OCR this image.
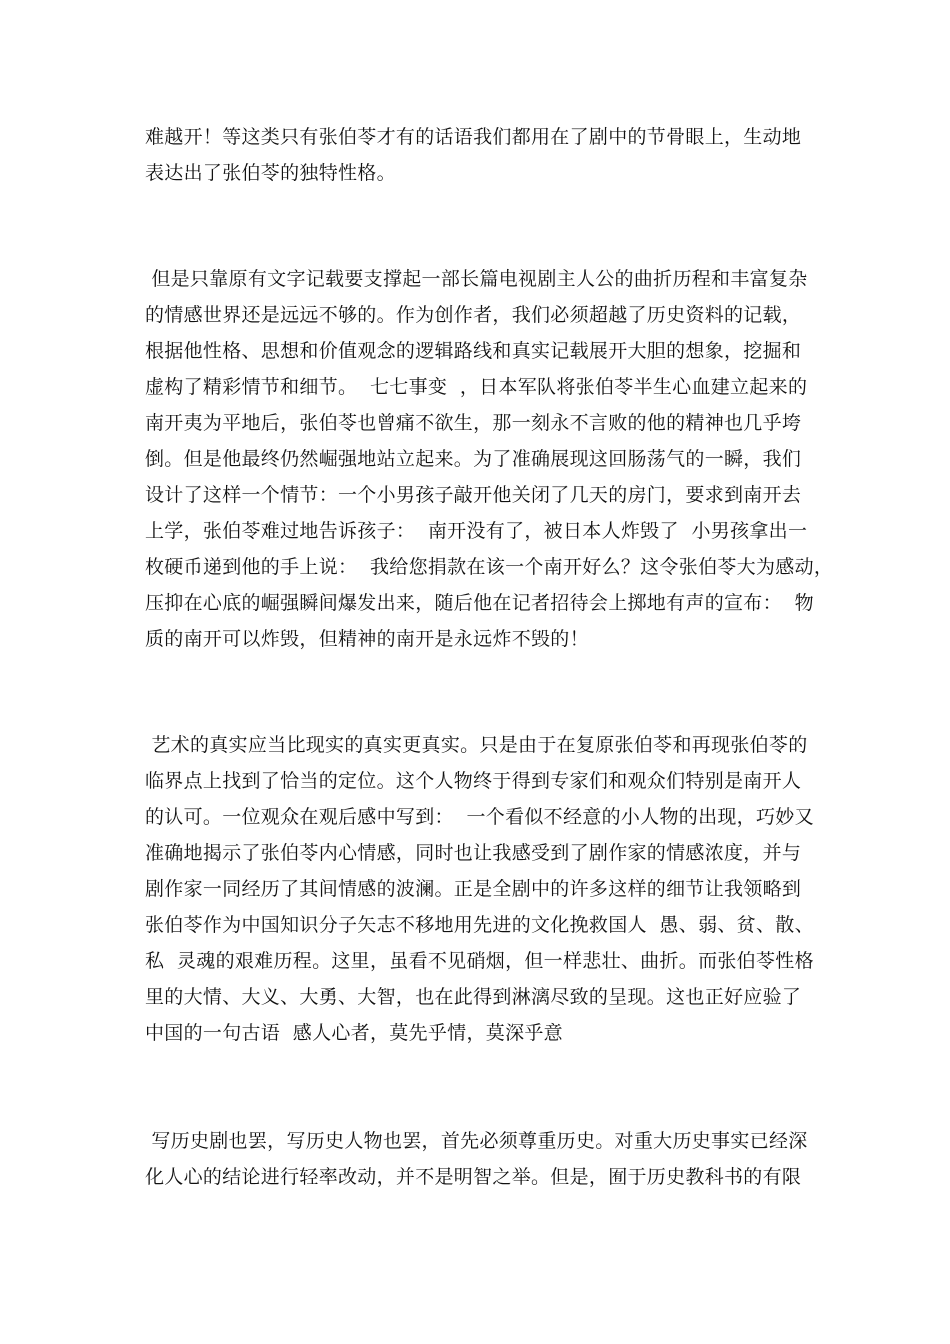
难越开！等这类只有张伯苓才有的话语我们都用在了剧中的节骨眼上，生动地
表达出了张伯苓的独特性格。
但是只靠原有文字记载要支撑起一部长篇电视剧主人公的曲折历程和丰富复杂
的情感世界还是远远不够的。作为创作者，我们必须超越了历史资料的记载，
根据他性格、思想和价值观念的逻辑路线和真实记载展开大胆的想象，挖掘和
虚构了精彩情节和细节。  七七事变  ，日本军队将张伯苓半生心血建立起来的
南开夷为平地后，张伯苓也曾痛不欲生，那一刻永不言败的他的精神也几乎垮
倒。但是他最终仍然崛强地站立起来。为了准确展现这回肠荡气的一瞬，我们
设计了这样一个情节：一个小男孩子敲开他关闭了几天的房门，要求到南开去
上学，张伯苓难过地告诉孩子：  南开没有了，被日本人炸毁了  小男孩拿出一
枚硬币递到他的手上说：  我给您捐款在该一个南开好么？这令张伯苓大为感动，
压抑在心底的崛强瞬间爆发出来，随后他在记者招待会上掷地有声的宣布：  物
质的南开可以炸毁，但精神的南开是永远炸不毁的！
艺术的真实应当比现实的真实更真实。只是由于在复原张伯苓和再现张伯苓的
临界点上找到了恰当的定位。这个人物终于得到专家们和观众们特别是南开人
的认可。一位观众在观后感中写到：  一个看似不经意的小人物的出现，巧妙又
准确地揭示了张伯苓内心情感，同时也让我感受到了剧作家的情感浓度，并与
剧作家一同经历了其间情感的波澜。正是全剧中的许多这样的细节让我领略到
张伯苓作为中国知识分子矢志不移地用先进的文化挽救国人  愚、弱、贫、散、
私  灵魂的艰难历程。这里，虽看不见硝烟，但一样悲壮、曲折。而张伯苓性格
里的大情、大义、大勇、大智，也在此得到淋漓尽致的呈现。这也正好应验了
中国的一句古语  感人心者，莫先乎情，莫深乎意
写历史剧也罢，写历史人物也罢，首先必须尊重历史。对重大历史事实已经深
化人心的结论进行轻率改动，并不是明智之举。但是，囿于历史教科书的有限
